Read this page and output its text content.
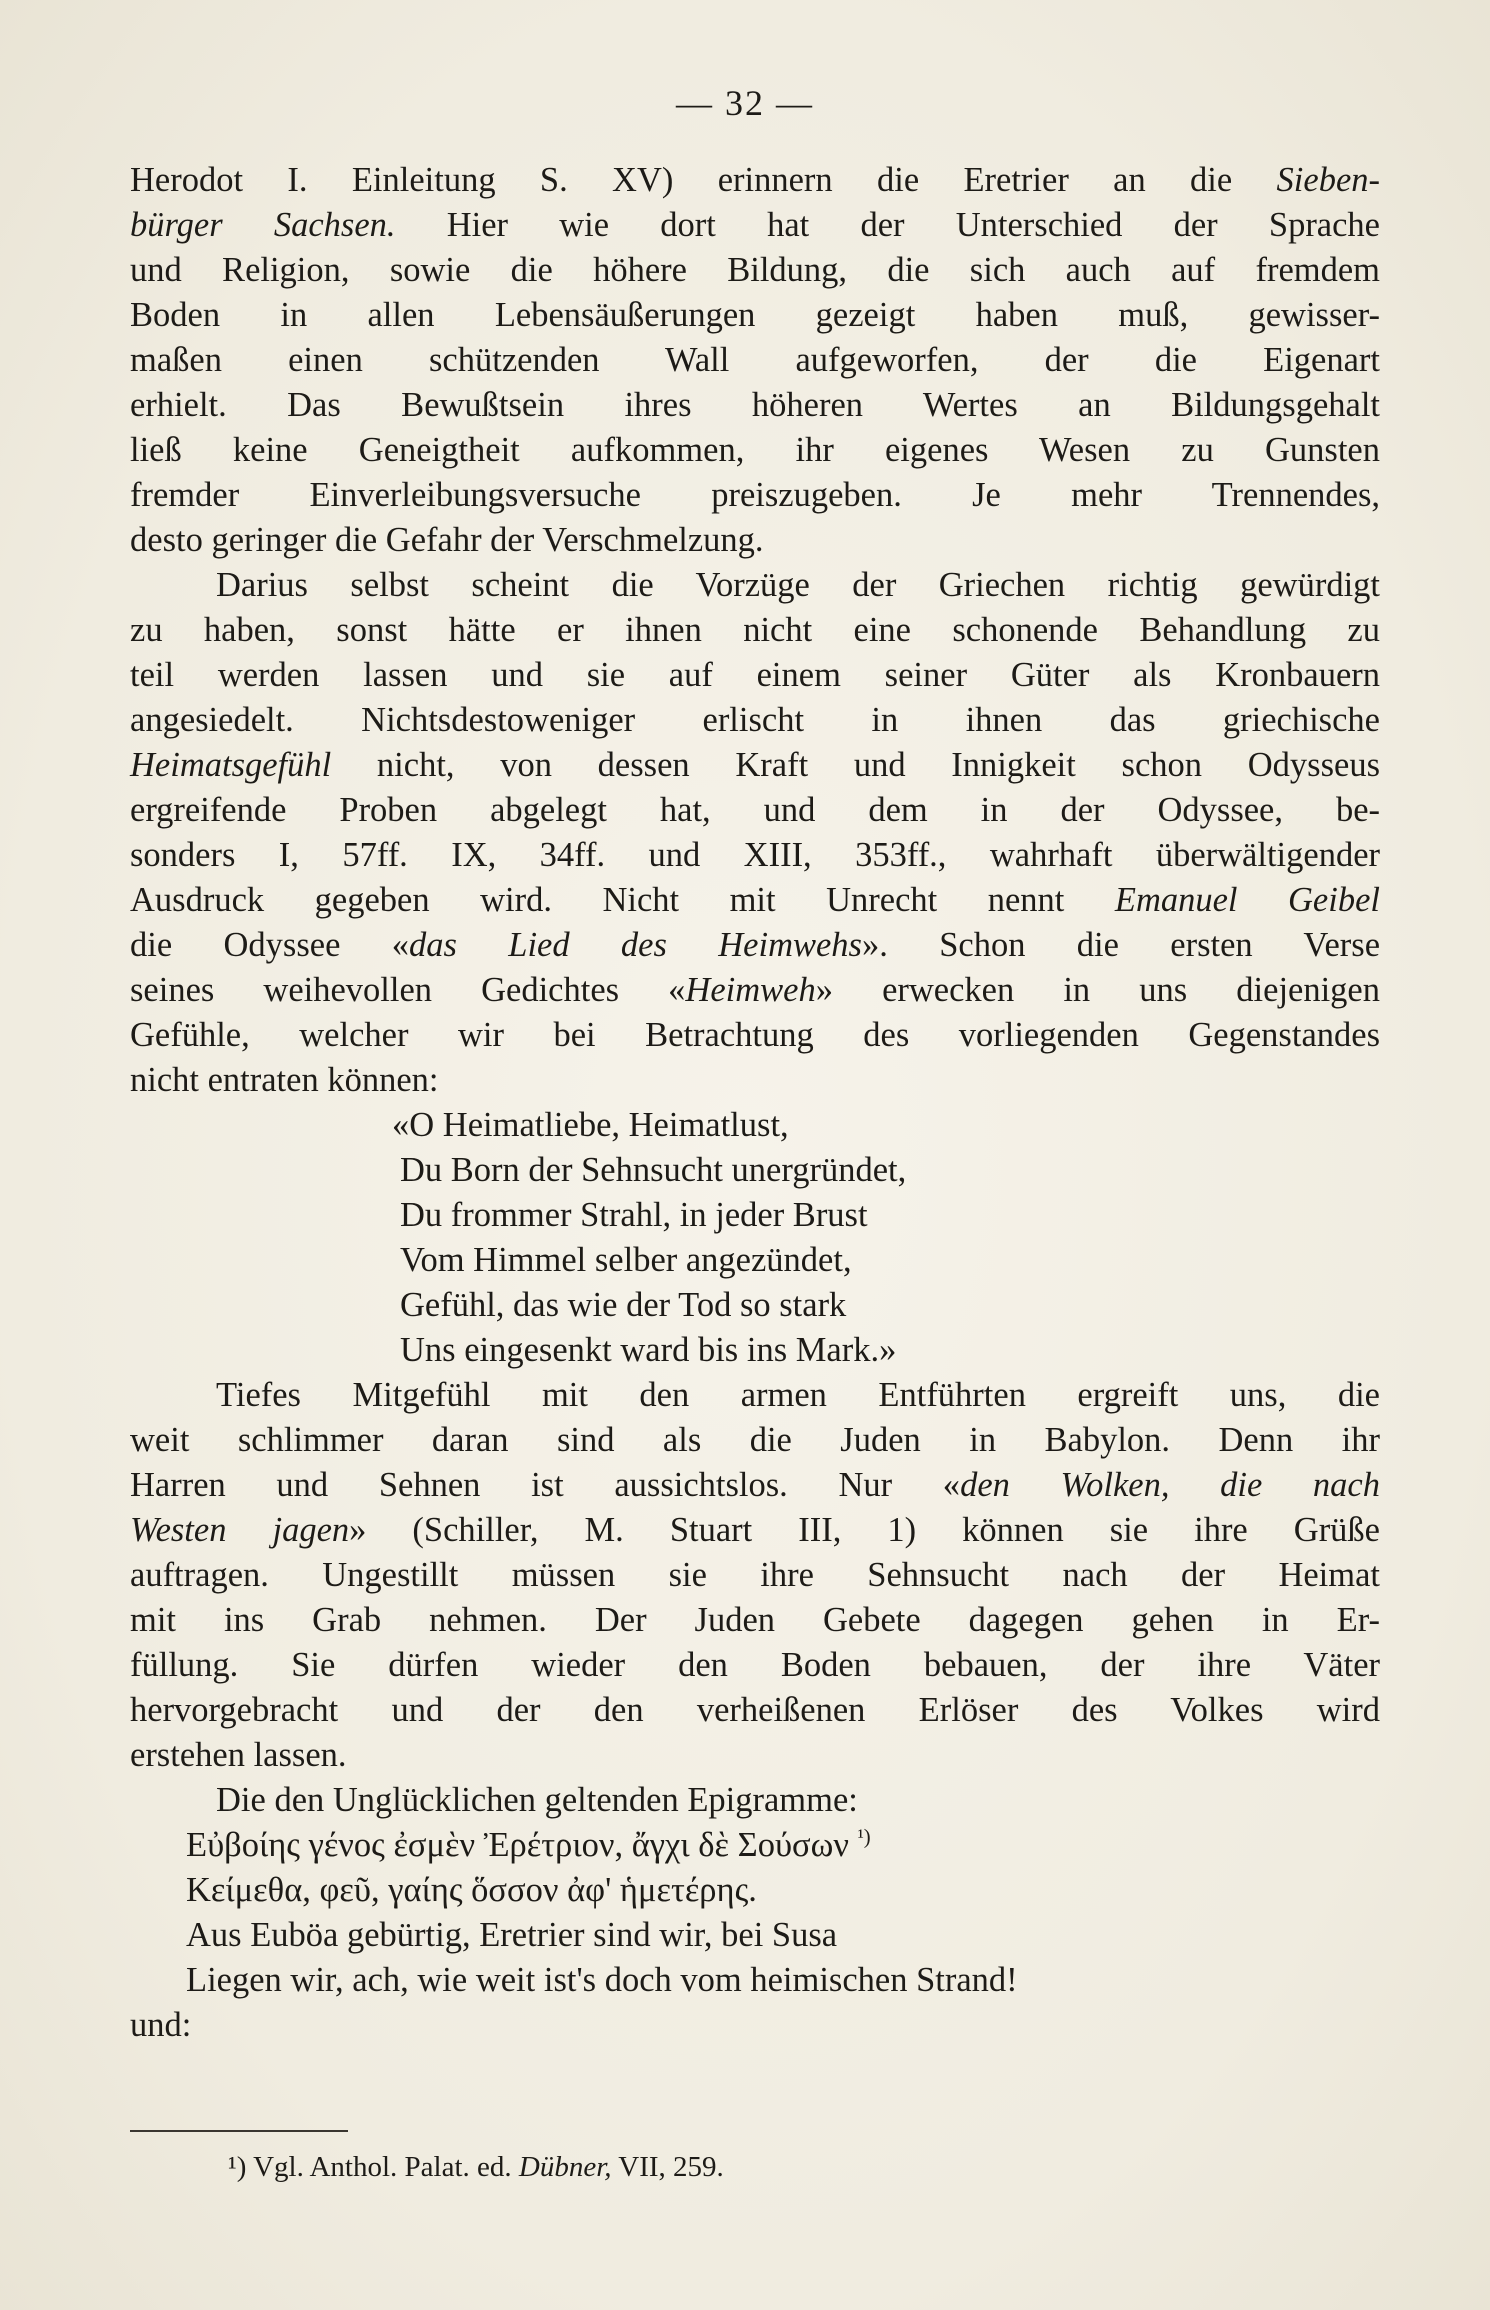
— 32 —
Herodot I. Einleitung S. XV) erinnern die Eretrier an die Sieben-
bürger Sachsen. Hier wie dort hat der Unterschied der Sprache
und Religion, sowie die höhere Bildung, die sich auch auf fremdem
Boden in allen Lebensäußerungen gezeigt haben muß, gewisser-
maßen einen schützenden Wall aufgeworfen, der die Eigenart
erhielt. Das Bewußtsein ihres höheren Wertes an Bildungsgehalt
ließ keine Geneigtheit aufkommen, ihr eigenes Wesen zu Gunsten
fremder Einverleibungsversuche preiszugeben. Je mehr Trennendes,
desto geringer die Gefahr der Verschmelzung.
Darius selbst scheint die Vorzüge der Griechen richtig gewürdigt
zu haben, sonst hätte er ihnen nicht eine schonende Behandlung zu
teil werden lassen und sie auf einem seiner Güter als Kronbauern
angesiedelt. Nichtsdestoweniger erlischt in ihnen das griechische
Heimatsgefühl nicht, von dessen Kraft und Innigkeit schon Odysseus
ergreifende Proben abgelegt hat, und dem in der Odyssee, be-
sonders I, 57ff. IX, 34ff. und XIII, 353ff., wahrhaft überwältigender
Ausdruck gegeben wird. Nicht mit Unrecht nennt Emanuel Geibel
die Odyssee «das Lied des Heimwehs». Schon die ersten Verse
seines weihevollen Gedichtes «Heimweh» erwecken in uns diejenigen
Gefühle, welcher wir bei Betrachtung des vorliegenden Gegenstandes
nicht entraten können:
«O Heimatliebe, Heimatlust,
Du Born der Sehnsucht unergründet,
Du frommer Strahl, in jeder Brust
Vom Himmel selber angezündet,
Gefühl, das wie der Tod so stark
Uns eingesenkt ward bis ins Mark.»
Tiefes Mitgefühl mit den armen Entführten ergreift uns, die
weit schlimmer daran sind als die Juden in Babylon. Denn ihr
Harren und Sehnen ist aussichtslos. Nur «den Wolken, die nach
Westen jagen» (Schiller, M. Stuart III, 1) können sie ihre Grüße
auftragen. Ungestillt müssen sie ihre Sehnsucht nach der Heimat
mit ins Grab nehmen. Der Juden Gebete dagegen gehen in Er-
füllung. Sie dürfen wieder den Boden bebauen, der ihre Väter
hervorgebracht und der den verheißenen Erlöser des Volkes wird
erstehen lassen.
Die den Unglücklichen geltenden Epigramme:
Εὐβοίης γένος ἐσμὲν Ἐρέτριον, ἄγχι δὲ Σούσων $^{^1)}$
Κείμεθα, φεῦ, γαίης ὅσσον ἀφ' ἡμετέρης.
Aus Euböa gebürtig, Eretrier sind wir, bei Susa
Liegen wir, ach, wie weit ist's doch vom heimischen Strand!
und:
¹) Vgl. Anthol. Palat. ed. Dübner, VII, 259.
